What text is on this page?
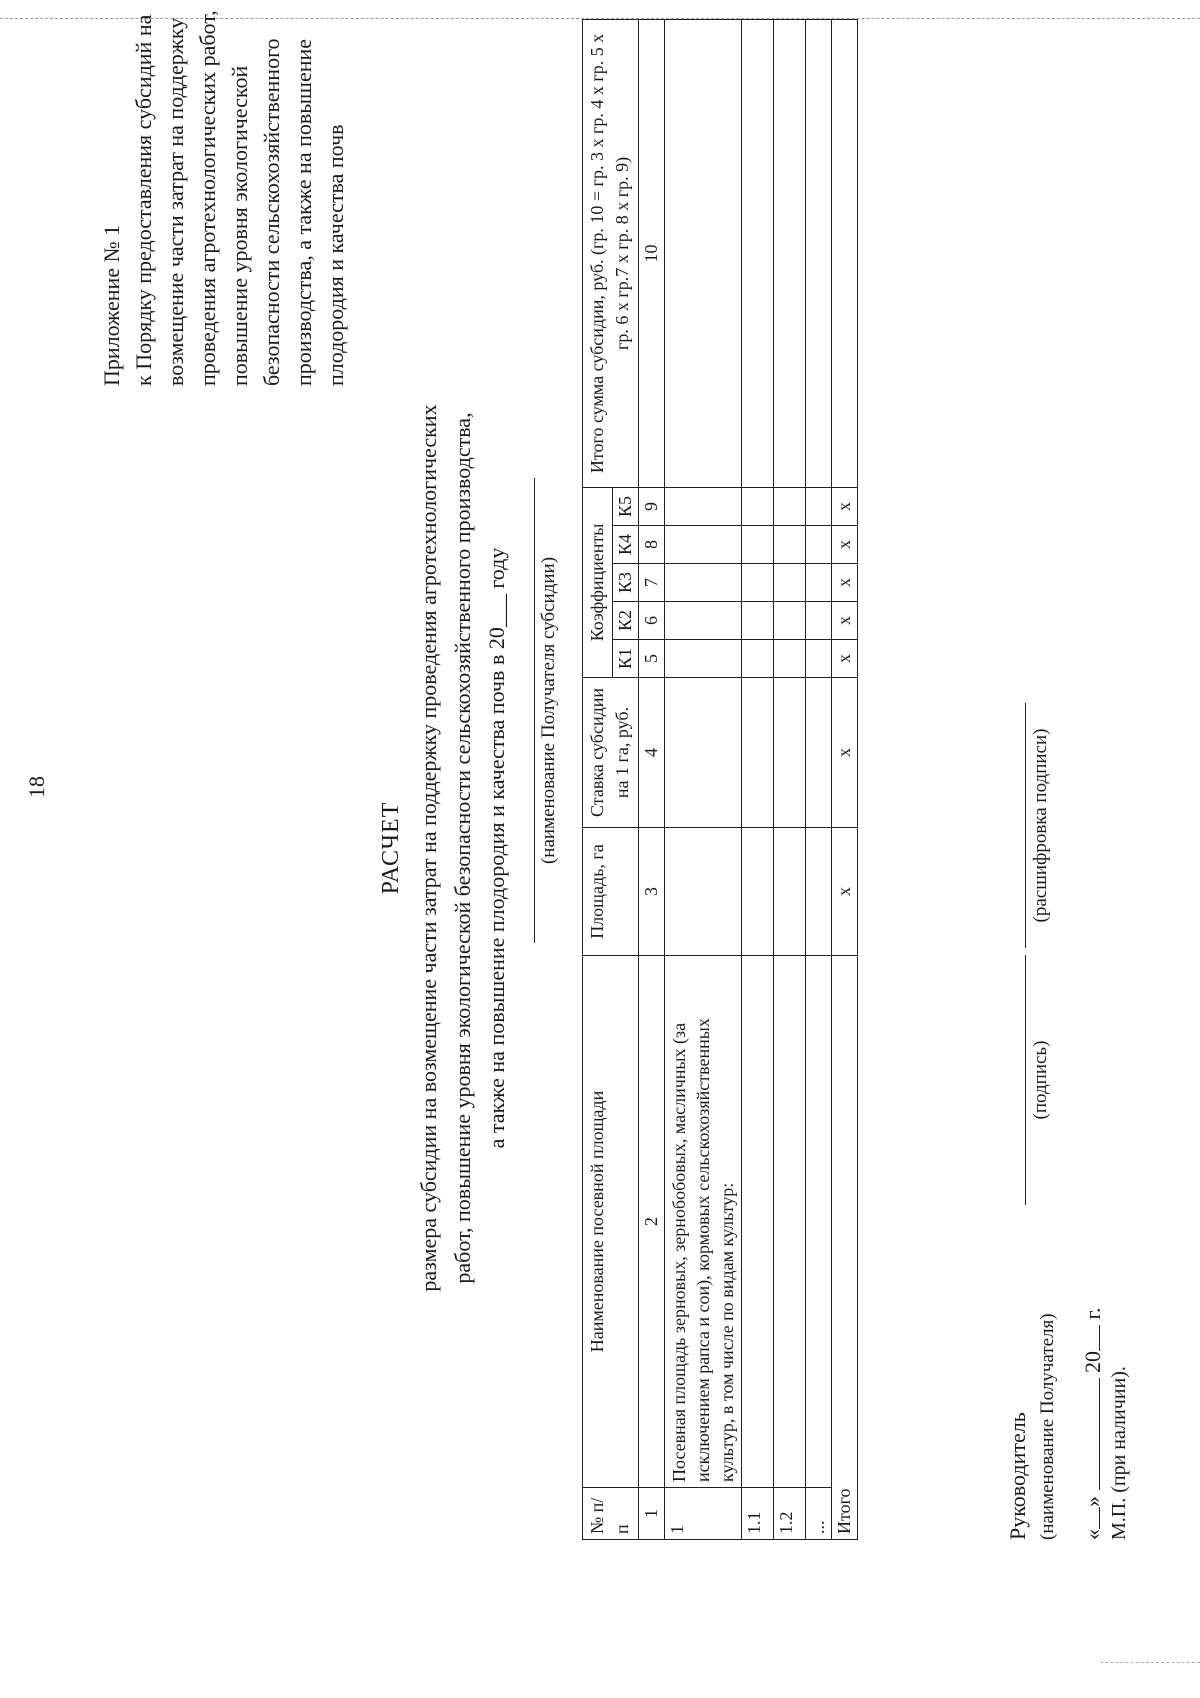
18
Приложение № 1 к Порядку предоставления субсидий на возмещение части затрат на поддержку проведения агротехнологических работ, повышение уровня экологической безопасности сельскохозяйственного производства, а также на повышение плодородия и качества почв
РАСЧЕТ размера субсидии на возмещение части затрат на поддержку проведения агротехнологических работ, повышение уровня экологической безопасности сельскохозяйственного производства, а также на повышение плодородия и качества почв в 20___ году (наименование Получателя субсидии)
№ п/п	Наименование посевной площади	Площадь, га	Ставка субсидии на 1 га, руб.	Коэффициенты					Итого сумма субсидии, руб. (гр. 10 = гр. 3 х гр. 4 х гр. 5 х гр. 6 х гр.7 х гр. 8 х гр. 9)
				К1	К2	К3	К4	К5	
1	2	3	4	5	6	7	8	9	10
1	Посевная площадь зерновых, зернобобовых, масличных (за исключением рапса и сои), кормовых сельскохозяйственных культур, в том числе по видам культур:								
1.1									
1.2									
...									
Итого		х	х	х	х	х	х	х	
Руководитель (наименование Получателя)
(подпись)
(расшифровка подписи)
«»  20 г.
М.П. (при наличии).
